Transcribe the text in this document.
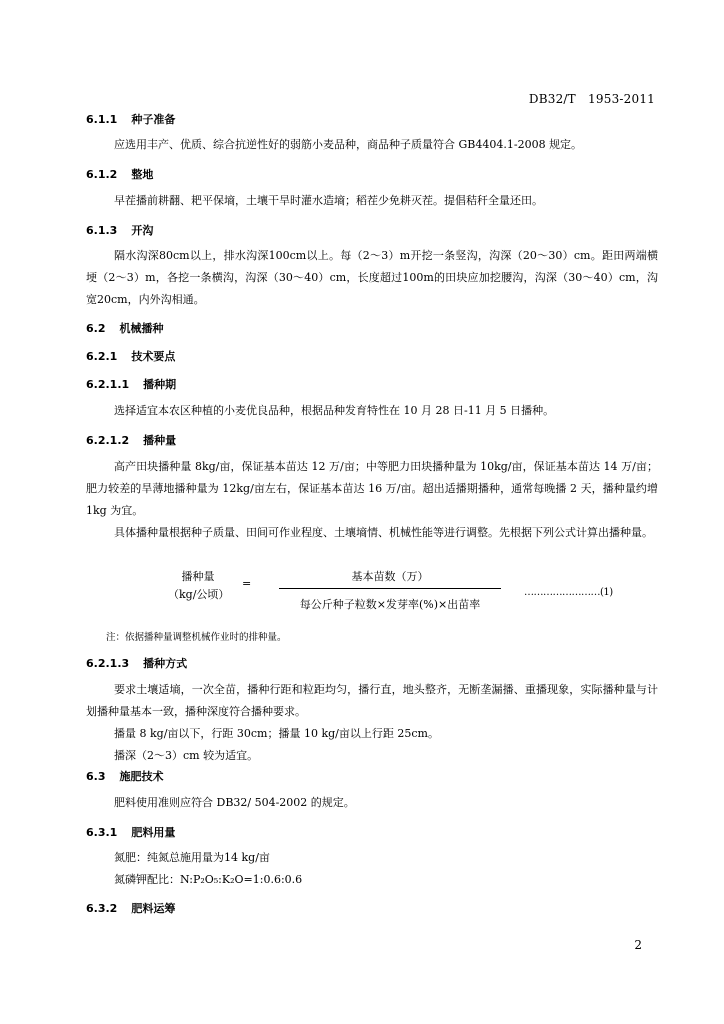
DB32/T　1953-2011
6.1.1 种子准备

应选用丰产、优质、综合抗逆性好的弱筋小麦品种，商品种子质量符合 GB4404.1-2008 规定。

6.1.2 整地

早茬播前耕翻、耙平保墒，土壤干旱时灌水造墒；稻茬少免耕灭茬。提倡秸秆全量还田。

6.1.3 开沟

隔水沟深80cm以上，排水沟深100cm以上。每（2～3）m开挖一条竖沟，沟深（20～30）cm。距田两端横埂（2～3）m，各挖一条横沟，沟深（30～40）cm，长度超过100m的田块应加挖腰沟，沟深（30～40）cm，沟宽20cm，内外沟相通。

6.2 机械播种
6.2.1 技术要点
6.2.1.1 播种期

选择适宜本农区种植的小麦优良品种，根据品种发育特性在 10 月 28 日-11 月 5 日播种。

6.2.1.2 播种量

高产田块播种量 8kg/亩，保证基本苗达 12 万/亩；中等肥力田块播种量为 10kg/亩，保证基本苗达 14 万/亩；肥力较差的旱薄地播种量为 12kg/亩左右，保证基本苗达 16 万/亩。超出适播期播种，通常每晚播 2 天，播种量约增 1kg 为宜。

具体播种量根据种子质量、田间可作业程度、土壤墒情、机械性能等进行调整。先根据下列公式计算出播种量。

播种量
（kg/公顷）
=
基本苗数（万）
每公斤种子粒数×发芽率(%)×出苗率
……………………(1)
注：依据播种量调整机械作业时的排种量。
6.2.1.3 播种方式

要求土壤适墒，一次全苗，播种行距和粒距均匀，播行直，地头整齐，无断垄漏播、重播现象，实际播种量与计划播种量基本一致，播种深度符合播种要求。

播量 8 kg/亩以下，行距 30cm；播量 10 kg/亩以上行距 25cm。

播深（2～3）cm 较为适宜。

6.3 施肥技术

肥料使用准则应符合 DB32/ 504-2002 的规定。

6.3.1 肥料用量

氮肥：纯氮总施用量为14 kg/亩

氮磷钾配比：N:P₂O₅:K₂O=1:0.6:0.6

6.3.2 肥料运筹
2
